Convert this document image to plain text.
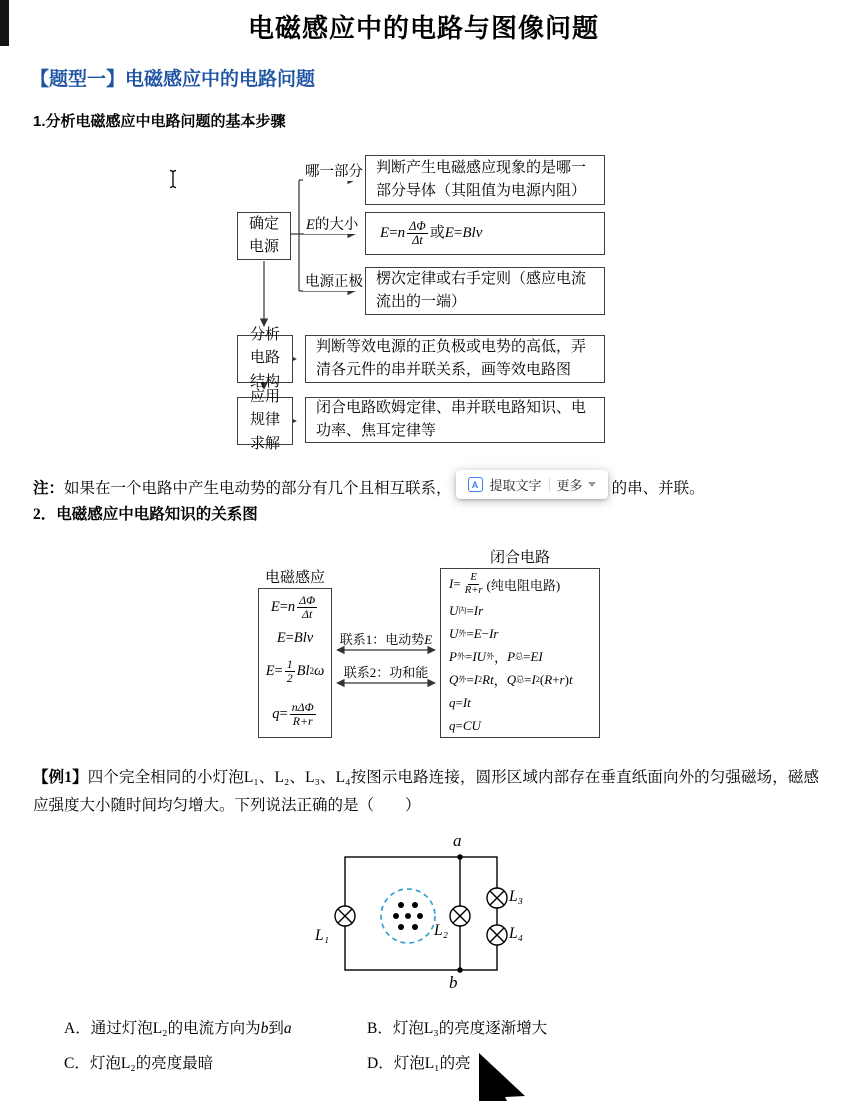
电磁感应中的电路与图像问题
【题型一】电磁感应中的电路问题
1.分析电磁感应中电路问题的基本步骤
确定电源
哪一部分 判断产生电磁感应现象的是哪一部分导体（其阻值为电源内阻）
E的大小 E = n $\frac{\Delta\Phi}{\Delta t}$ 或 E = Blv
电源正极 楞次定律或右手定则（感应电流流出的一端）
分析电路结构
判断等效电源的正负极或电势的高低，弄清各元件的串并联关系，画等效电路图
应用规律求解
闭合电路欧姆定律、串并联电路知识、电功率、焦耳定律等
注： 如果在一个电路中产生电动势的部分有几个且相互联系， A	提取文字 更多 的串、并联。
2．电磁感应中电路知识的关系图
电磁感应
闭合电路
E = n $\frac{\Delta\Phi}{\Delta t}$
E = Blv
$E = \frac{1}{2}$ Bl 2 ω
$q = \frac{\text{nΔΦ}}{R+r}$
$I = \frac{E}{R+r}$ (纯电阻电路)
U 内 = Ir
U 外 = E − Ir
P 外 = IU 外 ， P 总 = EI
Q 外 = I 2 Rt ， Q 总 = I 2 ( R + r ) t
q = It
q = CU
联系1：电动势E
联系2：功和能
【例1】四个完全相同的小灯泡L₁、L₂、L₃、L₄按图示电路连接，圆形区域内部存在垂直纸面向外的匀强磁场，磁感应强度大小随时间均匀增大。下列说法正确的是（　　）
a
b
L₁	L₂
L₃
L₄
A．通过灯泡L₂的电流方向为b到a	B．灯泡L₃的亮度逐渐增大
C．灯泡L₂的亮度最暗	D．灯泡L₁的亮
